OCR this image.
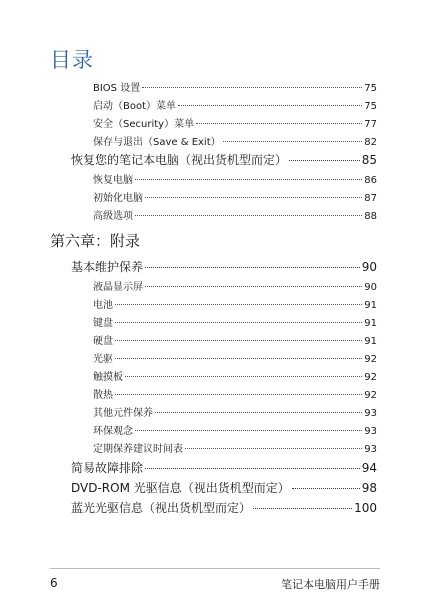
目录
BIOS 设置	75
启动（Boot）菜单	75
安全（Security）菜单	77
保存与退出（Save & Exit）	82
恢复您的笔记本电脑（视出货机型而定）	85
恢复电脑	86
初始化电脑	87
高级选项	88
第六章：附录
基本维护保养	90
液晶显示屏	90
电池	91
键盘	91
硬盘	91
光驱	92
触摸板	92
散热	92
其他元件保养	93
环保观念	93
定期保养建议时间表	93
简易故障排除	94
DVD-ROM 光驱信息（视出货机型而定）	98
蓝光光驱信息（视出货机型而定）	100
6	笔记本电脑用户手册
